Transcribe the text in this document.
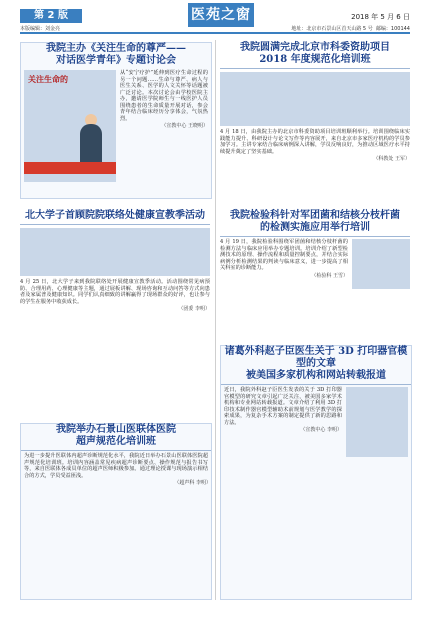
第 2 版
本版编辑：刘金亮
医苑之窗	2018 年 5 月 6 日
地址：北京市石景山区首天山路 5 号 邮编：100144

我院主办《关注生命的尊严——

对话医学青年》专题讨论会

关注生命的

从“安宁疗护”延伸到医疗生命过程的另一个问题……生命与尊严、病人与医生关系、医学的人文关怀等话题被广泛讨论。本次讨论会由学校医院主办，邀请医学院师生与一线医护人员围绕患者的生命质量开展对话，参会青年结合临床经历分享体会，气氛热烈。

（宣教中心 王晓明）

北大学子首顾院院联络处健康宣教季活动

4 月 25 日，北大学子来到我院联络处开展健康宣教季活动。活动围绕常见病预防、合理用药、心理健康等主题，通过展板讲解、现场咨询和互动问答等方式向患者及家属普及健康知识。同学们认真细致的讲解赢得了现场群众的好评，也让参与的学生在服务中收获成长。

（团委 李明）

我院举办石景山医联体医院

超声规范化培训班

为进一步提升医联体内超声诊断规范化水平，我院近日举办石景山医联体医院超声规范化培训班。培训内容涵盖常见疾病超声诊断要点、操作规范与报告书写等，来自医联体各成员单位的超声医师积极参加。通过理论授课与现场演示相结合的方式，学员受益匪浅。

（超声科 李明）

我院圆满完成北京市科委资助项目

2018 年度规范化培训班

4 月 18 日，由我院主办的北京市科委资助项目培训班顺利举行。培训围绕临床实践能力提升、科研设计与论文写作等内容展开，来自北京市多家医疗机构的学员参加学习。主讲专家结合临床病例深入讲解，学员反响良好，为推动区域医疗水平持续提升奠定了坚实基础。

（科教处 王军）

我院检验科针对军团菌和结核分枝杆菌

的检测实施应用举行培训

4 月 19 日，我院检验科围绕军团菌和结核分枝杆菌的检测方法与临床应用举办专题培训。培训介绍了新型检测技术的原理、操作流程和质量控制要点，并结合实际病例分析检测结果的判读与临床意义，进一步提高了相关科室的诊断能力。

（检验科 王雪）

诸葛外科赵子臣医生关于 3D 打印器官模型的文章

被美国多家机构和网站转载报道

近日，我院外科赵子臣医生发表的关于 3D 打印器官模型的研究文章引起广泛关注，被美国多家学术机构和专业网站转载报道。文章介绍了利用 3D 打印技术制作器官模型辅助术前规划与医学教学的探索成果，为复杂手术方案的制定提供了新的思路和方法。

（宣教中心 李明）
